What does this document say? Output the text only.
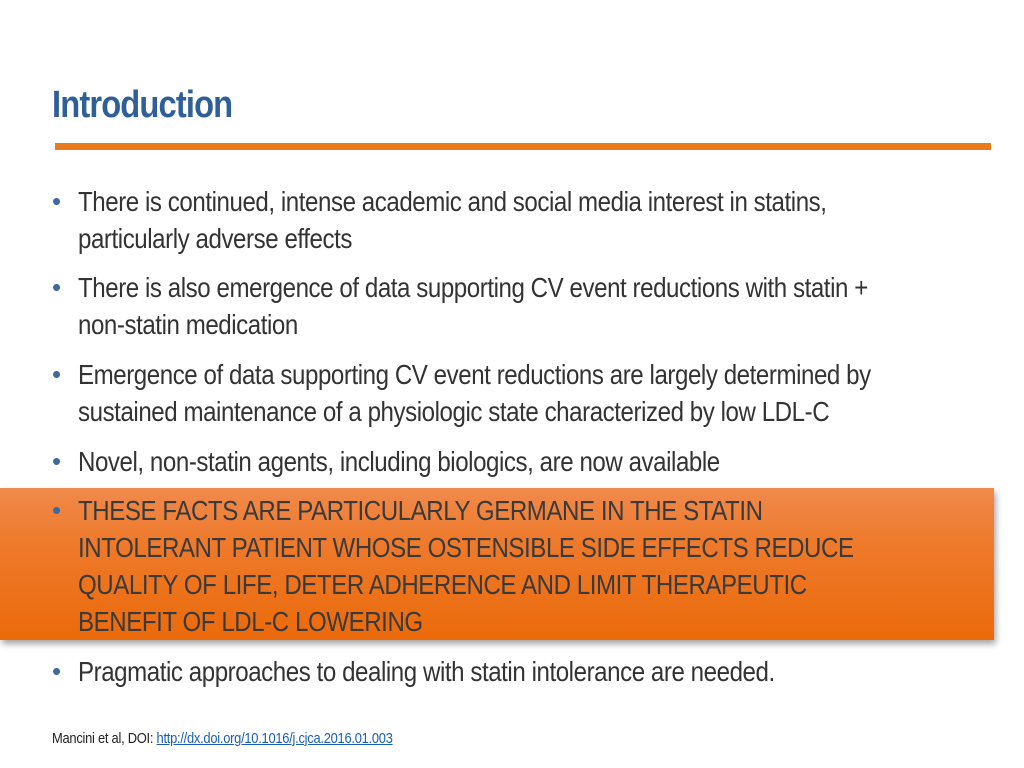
Introduction
• There is continued, intense academic and social media interest in statins,
particularly adverse effects

• There is also emergence of data supporting CV event reductions with statin +
non-statin medication

• Emergence of data supporting CV event reductions are largely determined by
sustained maintenance of a physiologic state characterized by low LDL-C

• Novel, non-statin agents, including biologics, are now available

• THESE FACTS ARE PARTICULARLY GERMANE IN THE STATIN
INTOLERANT PATIENT WHOSE OSTENSIBLE SIDE EFFECTS REDUCE
QUALITY OF LIFE, DETER ADHERENCE AND LIMIT THERAPEUTIC
BENEFIT OF LDL-C LOWERING

• Pragmatic approaches to dealing with statin intolerance are needed.

Mancini et al, DOI: http://dx.doi.org/10.1016/j.cjca.2016.01.003
